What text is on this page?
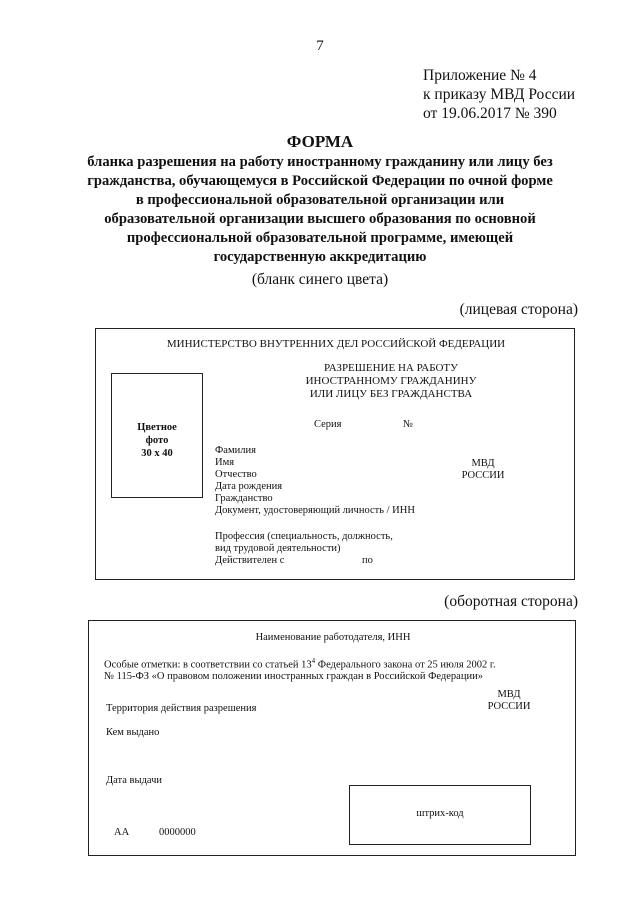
7
Приложение № 4
к приказу МВД России
от 19.06.2017 № 390
ФОРМА
бланка разрешения на работу иностранному гражданину или лицу без
гражданства, обучающемуся в Российской Федерации по очной форме
в профессиональной образовательной организации или
образовательной организации высшего образования по основной
профессиональной образовательной программе, имеющей
государственную аккредитацию
(бланк синего цвета)
(лицевая сторона)
МИНИСТЕРСТВО ВНУТРЕННИХ ДЕЛ РОССИЙСКОЙ ФЕДЕРАЦИИ
РАЗРЕШЕНИЕ НА РАБОТУ
ИНОСТРАННОМУ ГРАЖДАНИНУ
ИЛИ ЛИЦУ БЕЗ ГРАЖДАНСТВА
Цветное
фото
30 х 40
Серия	№
Фамилия
Имя
Отчество
Дата рождения
Гражданство
Документ, удостоверяющий личность / ИНН
Профессия (специальность, должность,
вид трудовой деятельности)
Действителен с	по
МВД
РОССИИ
(оборотная сторона)
Наименование работодателя, ИНН
Особые отметки: в соответствии со статьей $13^4$ Федерального закона от 25 июля 2002 г.
№ 115-ФЗ «О правовом положении иностранных граждан в Российской Федерации»
МВД
РОССИИ
Территория действия разрешения
Кем выдано
Дата выдачи
штрих-код
АА	0000000
